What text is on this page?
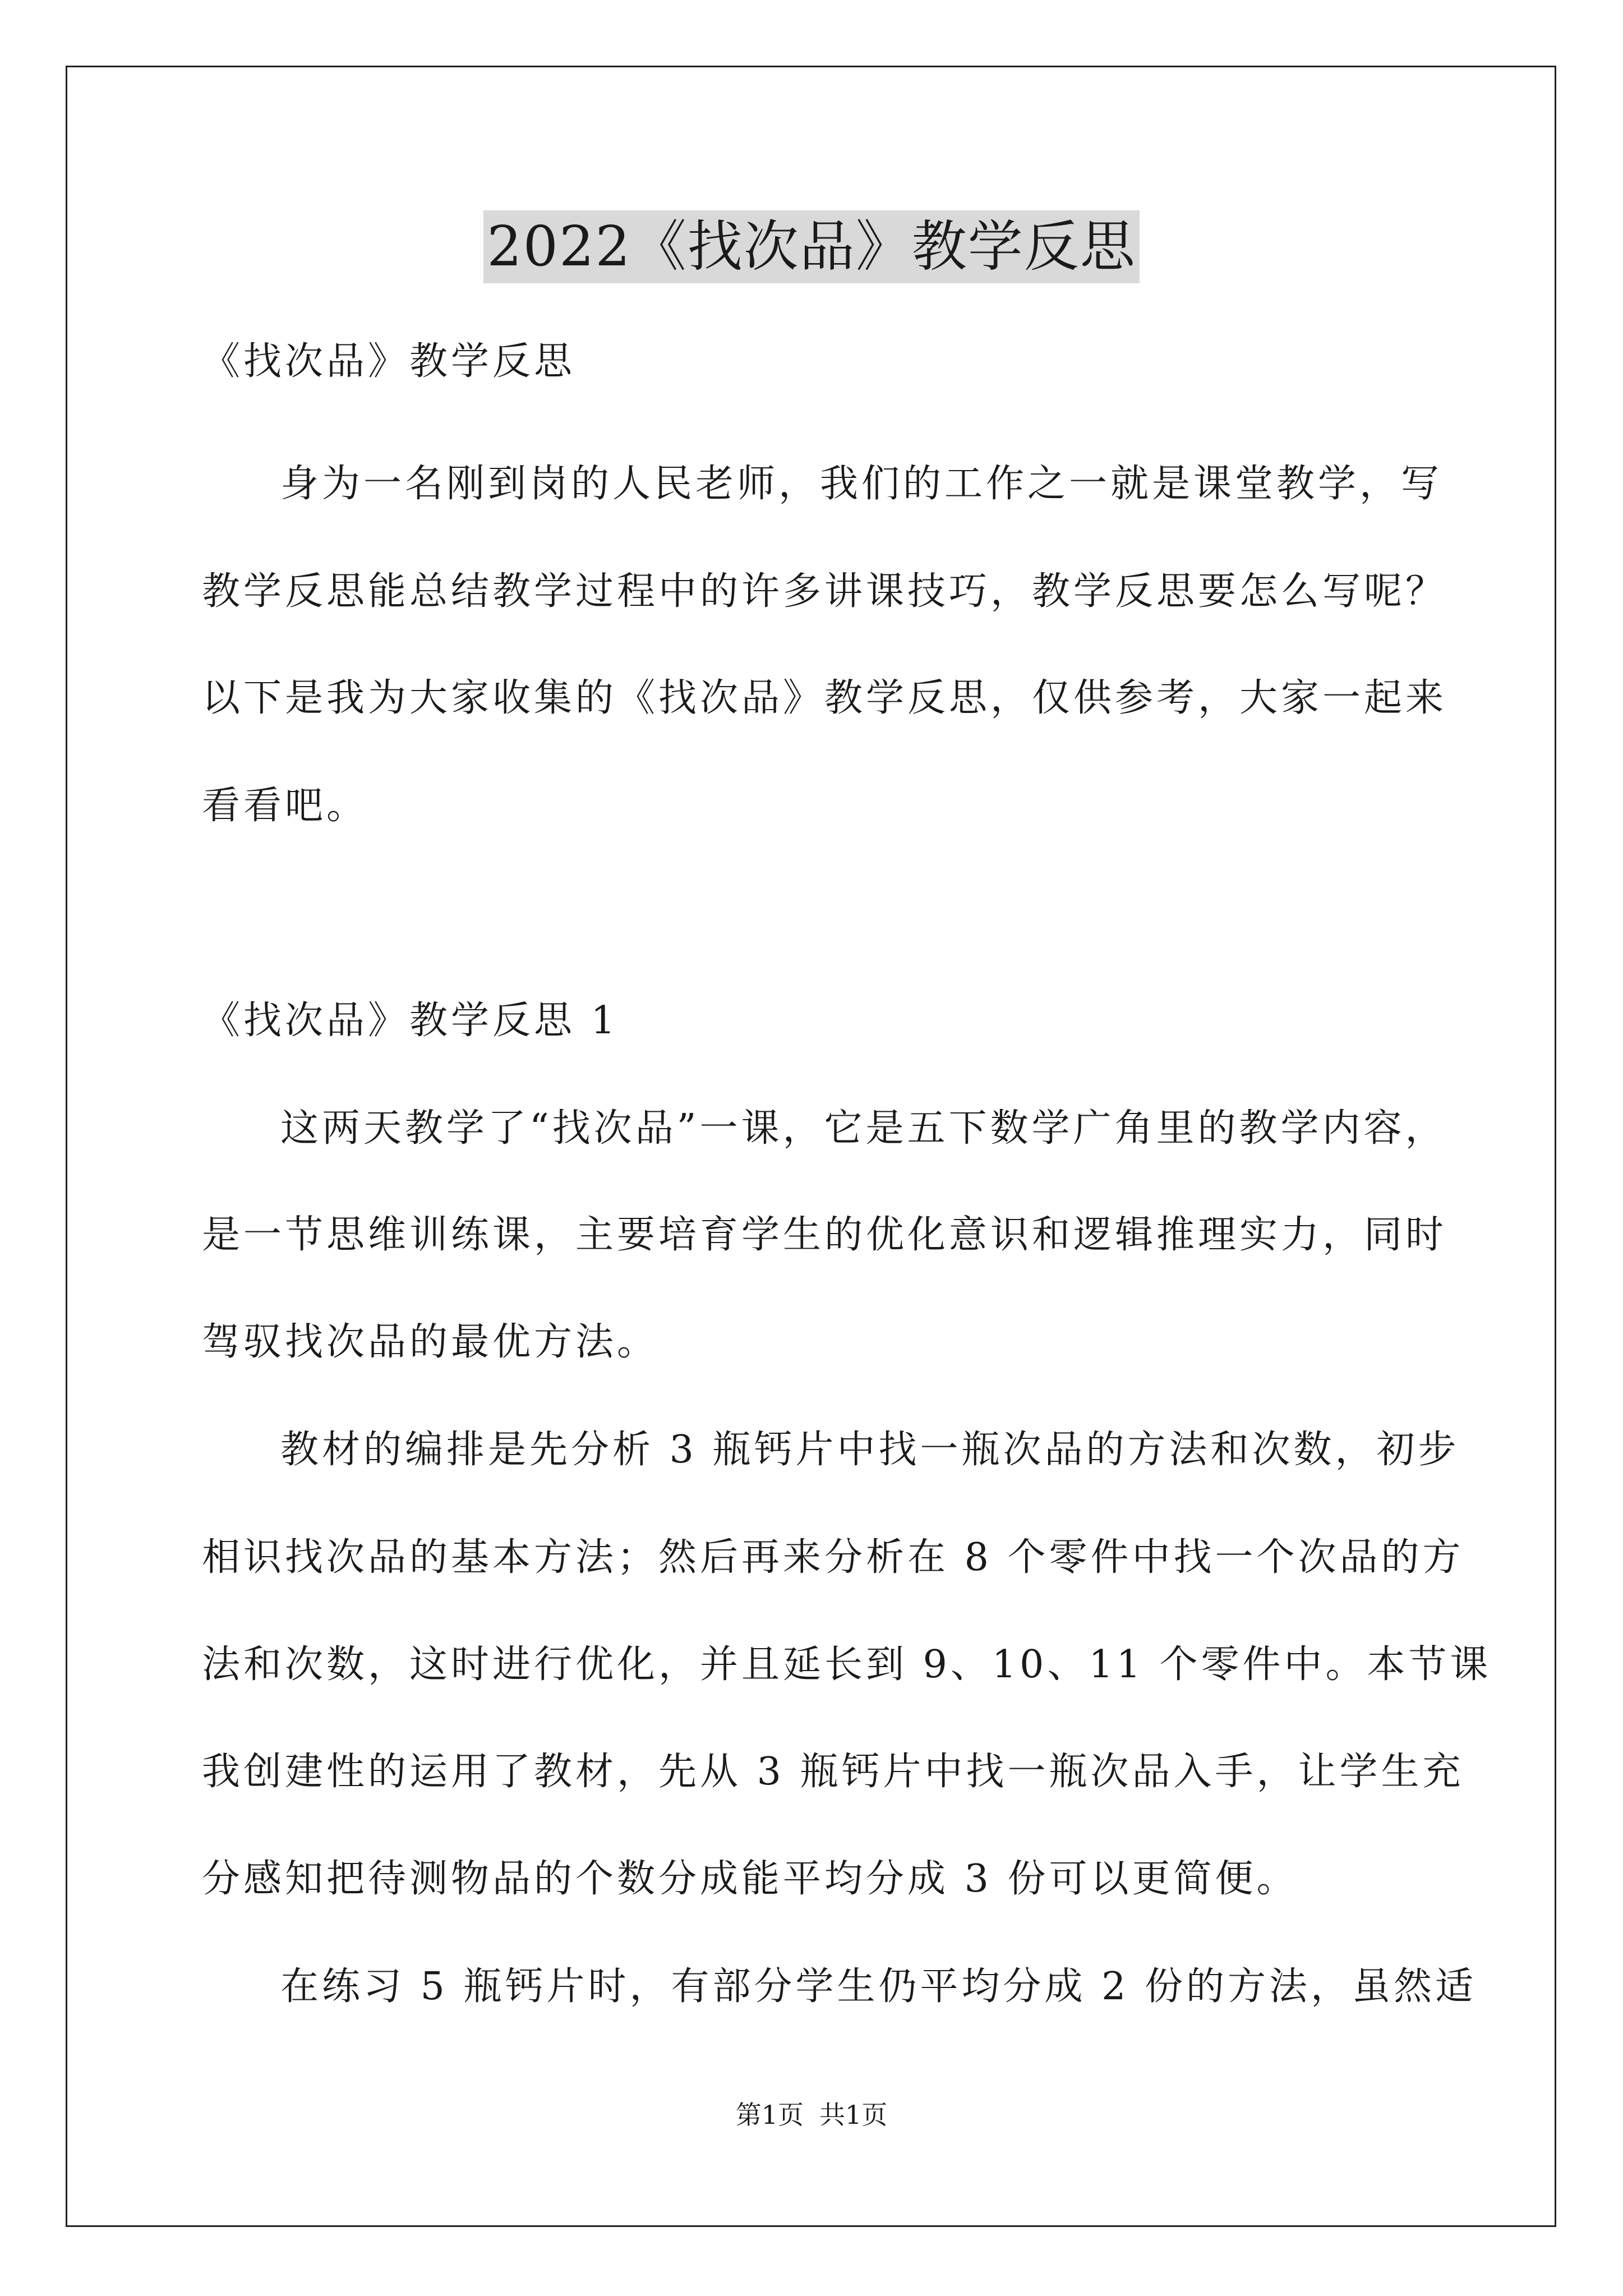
2022《找次品》教学反思
《找次品》教学反思
身为一名刚到岗的人民老师，我们的工作之一就是课堂教学，写
教学反思能总结教学过程中的许多讲课技巧，教学反思要怎么写呢？
以下是我为大家收集的《找次品》教学反思，仅供参考，大家一起来
看看吧。
《找次品》教学反思 1
这两天教学了“找次品”一课，它是五下数学广角里的教学内容，
是一节思维训练课，主要培育学生的优化意识和逻辑推理实力，同时
驾驭找次品的最优方法。
教材的编排是先分析 3 瓶钙片中找一瓶次品的方法和次数，初步
相识找次品的基本方法；然后再来分析在 8 个零件中找一个次品的方
法和次数，这时进行优化，并且延长到 9、10、11 个零件中。本节课
我创建性的运用了教材，先从 3 瓶钙片中找一瓶次品入手，让学生充
分感知把待测物品的个数分成能平均分成 3 份可以更简便。
在练习 5 瓶钙片时，有部分学生仍平均分成 2 份的方法，虽然适
第1页 共1页
